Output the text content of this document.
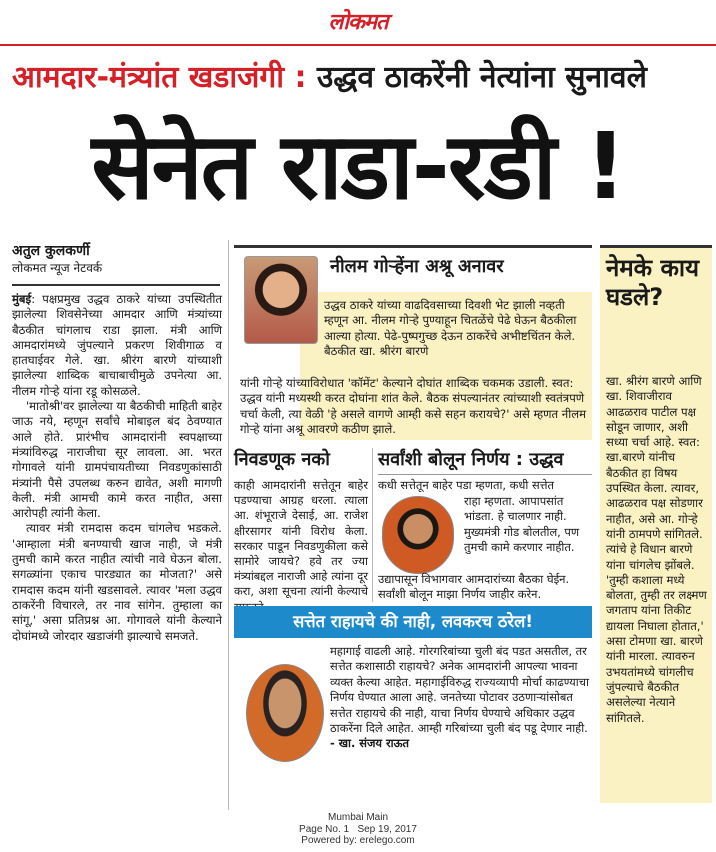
लोकमत
आमदार-मंत्र्यांत खडाजंगी : उद्धव ठाकरेंनी नेत्यांना सुनावले
सेनेत राडा-रडी !
अतुल कुलकर्णी
लोकमत न्यूज नेटवर्क

मुंबई: पक्षप्रमुख उद्धव ठाकरे यांच्या उपस्थितीत झालेल्या शिवसेनेच्या आमदार आणि मंत्र्यांच्या बैठकीत चांगलाच राडा झाला. मंत्री आणि आमदारांमध्ये जुंपल्याने प्रकरण शिवीगाळ व हातघाईवर गेले. खा. श्रीरंग बारणे यांच्याशी झालेल्या शाब्दिक बाचाबाचीमुळे उपनेत्या आ. नीलम गोऱ्हे यांना रडू कोसळले.

'मातोश्री'वर झालेल्या या बैठकीची माहिती बाहेर जाऊ नये, म्हणून सर्वांचे मोबाइल बंद ठेवण्यात आले होते. प्रारंभीच आमदारांनी स्वपक्षाच्या मंत्र्यांविरुद्ध नाराजीचा सूर लावला. आ. भरत गोगावले यांनी ग्रामपंचायतीच्या निवडणुकांसाठी मंत्र्यांनी पैसे उपलब्ध करुन द्यावेत, अशी मागणी केली. मंत्री आमची कामे करत नाहीत, असा आरोपही त्यांनी केला.

त्यावर मंत्री रामदास कदम चांगलेच भडकले. 'आम्हाला मंत्री बनण्याची खाज नाही, जे मंत्री तुमची कामे करत नाहीत त्यांची नावे घेऊन बोला. सगळ्यांना एकाच पारड्यात का मोजता?' असे रामदास कदम यांनी खडसावले. त्यावर 'मला उद्धव ठाकरेंनी विचारले, तर नाव सांगेन. तुम्हाला का सांगू,' असा प्रतिप्रश्न आ. गोगावले यांनी केल्याने दोघांमध्ये जोरदार खडाजंगी झाल्याचे समजते.

नीलम गोऱ्हेंना अश्रू अनावर
उद्धव ठाकरे यांच्या वाढदिवसाच्या दिवशी भेट झाली नव्हती म्हणून आ. नीलम गोऱ्हे पुण्याहून चितळेंचे पेढे घेऊन बैठकीला आल्या होत्या. पेढे-पुष्पगुच्छ देऊन ठाकरेंचे अभीष्टचिंतन केले. बैठकीत खा. श्रीरंग बारणे
यांनी गोऱ्हे यांच्याविरोधात 'कॉमेंट' केल्याने दोघांत शाब्दिक चकमक उडाली. स्वत: उद्धव यांनी मध्यस्थी करत दोघांना शांत केले. बैठक संपल्यानंतर त्यांच्याशी स्वतंत्रपणे चर्चा केली, त्या वेळी 'हे असले वागणे आम्ही कसे सहन करायचे?' असे म्हणत नीलम गोऱ्हे यांना अश्रू आवरणे कठीण झाले.
नेमके काय घडले?
खा. श्रीरंग बारणे आणि खा. शिवाजीराव आढळराव पाटील पक्ष सोडून जाणार, अशी सध्या चर्चा आहे. स्वत: खा.बारणे यांनीच बैठकीत हा विषय उपस्थित केला. त्यावर, आढळराव पक्ष सोडणार नाहीत, असे आ. गोऱ्हे यांनी ठामपणे सांगितले. त्यांचे हे विधान बारणे यांना चांगलेच झोंबले. 'तुम्ही कशाला मध्ये बोलता, तुम्ही तर लक्ष्मण जगताप यांना तिकीट द्यायला निघाला होतात,' असा टोमणा खा. बारणे यांनी मारला. त्यावरुन उभयतांमध्ये चांगलीच जुंपल्याचे बैठकीत असलेल्या नेत्याने सांगितले.
निवडणूक नको
काही आमदारांनी सत्तेतून बाहेर पडण्याचा आग्रह धरला. त्याला आ. शंभूराजे देसाई, आ. राजेश क्षीरसागर यांनी विरोध केला. सरकार पाडून निवडणुकीला कसे सामोरे जायचे? हवे तर ज्या मंत्र्यांबद्दल नाराजी आहे त्यांना दूर करा, अशा सूचना त्यांनी केल्याचे
सर्वांशी बोलून निर्णय : उद्धव
कधी सत्तेतून बाहेर पडा म्हणता, कधी सत्तेत
राहा म्हणता. आपापसांत भांडता. हे चालणार नाही. मुख्यमंत्री गोड बोलतील, पण तुमची कामे करणार नाहीत.
उद्यापासून विभागवार आमदारांच्या बैठका घेईन. सर्वांशी बोलून माझा निर्णय जाहीर करेन.
सत्तेत राहायचे की नाही, लवकरच ठरेल!
महागाई वाढली आहे. गोरगरिबांच्या चुली बंद पडत असतील, तर सत्तेत कशासाठी राहायचे? अनेक आमदारांनी आपल्या भावना व्यक्त केल्या आहेत. महागाईविरुद्ध राज्यव्यापी मोर्चा काढण्याचा निर्णय घेण्यात आला आहे. जनतेच्या पोटावर उठणाऱ्यांसोबत सत्तेत राहायचे की नाही, याचा निर्णय घेण्याचे अधिकार उद्धव ठाकरेंना दिले आहेत. आम्ही गरिबांच्या चुली बंद पडू देणार नाही. - खा. संजय राऊत
Mumbai Main
Page No. 1 Sep 19, 2017
Powered by: erelego.com
